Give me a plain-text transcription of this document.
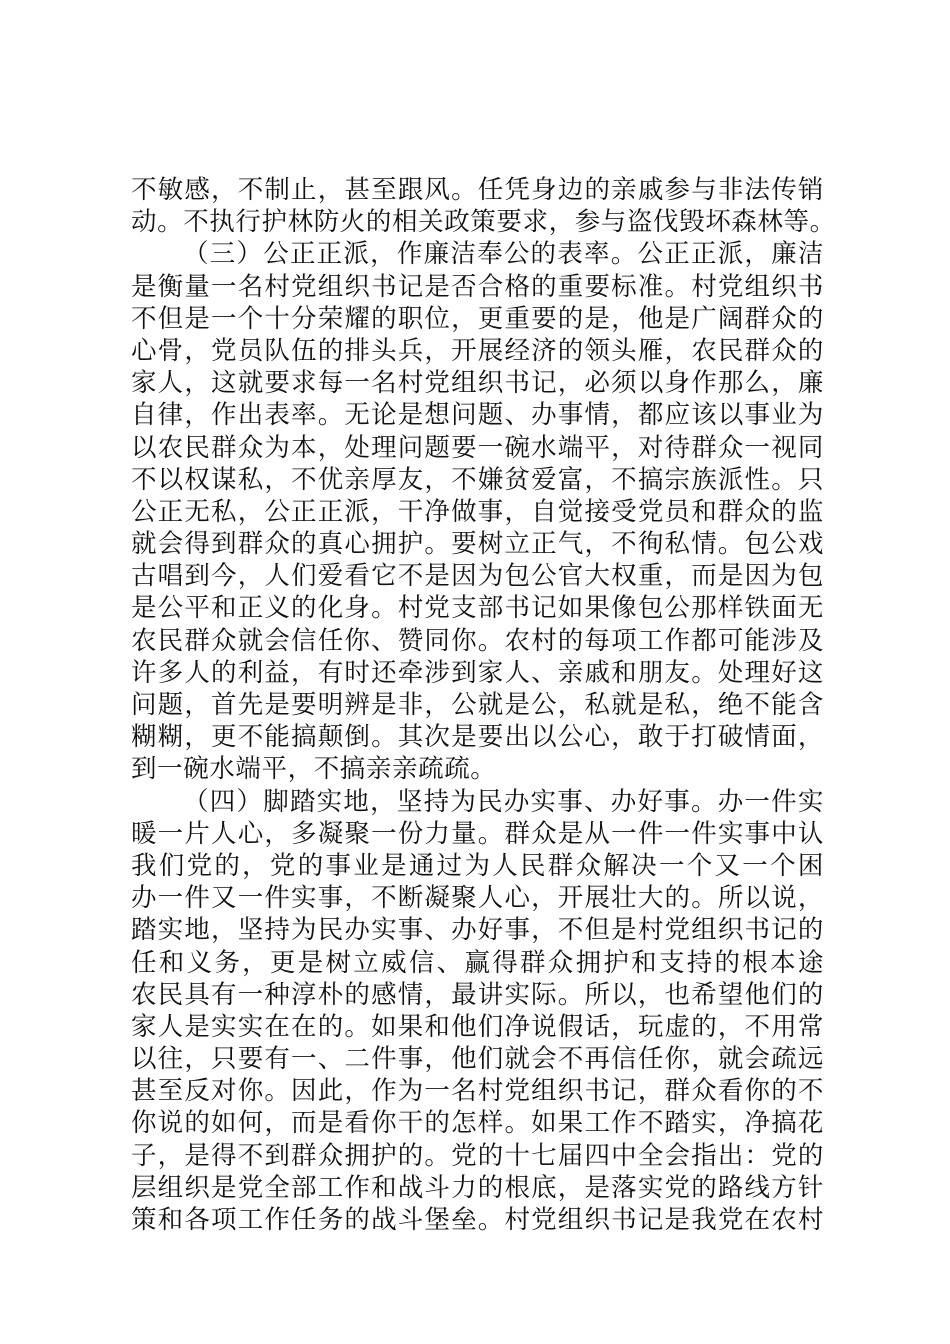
不敏感，不制止，甚至跟风。任凭身边的亲戚参与非法传销
动。不执行护林防火的相关政策要求，参与盗伐毁坏森林等。
（三）公正正派，作廉洁奉公的表率。公正正派，廉洁
是衡量一名村党组织书记是否合格的重要标准。村党组织书
不但是一个十分荣耀的职位，更重要的是，他是广阔群众的
心骨，党员队伍的排头兵，开展经济的领头雁，农民群众的
家人，这就要求每一名村党组织书记，必须以身作那么，廉
自律，作出表率。无论是想问题、办事情，都应该以事业为
以农民群众为本，处理问题要一碗水端平，对待群众一视同
不以权谋私，不优亲厚友，不嫌贫爱富，不搞宗族派性。只
公正无私，公正正派，干净做事，自觉接受党员和群众的监
就会得到群众的真心拥护。要树立正气，不徇私情。包公戏
古唱到今，人们爱看它不是因为包公官大权重，而是因为包
是公平和正义的化身。村党支部书记如果像包公那样铁面无
农民群众就会信任你、赞同你。农村的每项工作都可能涉及
许多人的利益，有时还牵涉到家人、亲戚和朋友。处理好这
问题，首先是要明辨是非，公就是公，私就是私，绝不能含
糊糊，更不能搞颠倒。其次是要出以公心，敢于打破情面，
到一碗水端平，不搞亲亲疏疏。
（四）脚踏实地，坚持为民办实事、办好事。办一件实
暖一片人心，多凝聚一份力量。群众是从一件一件实事中认
我们党的，党的事业是通过为人民群众解决一个又一个困
办一件又一件实事，不断凝聚人心，开展壮大的。所以说，
踏实地，坚持为民办实事、办好事，不但是村党组织书记的
任和义务，更是树立威信、赢得群众拥护和支持的根本途
农民具有一种淳朴的感情，最讲实际。所以，也希望他们的
家人是实实在在的。如果和他们净说假话，玩虚的，不用常
以往，只要有一、二件事，他们就会不再信任你，就会疏远
甚至反对你。因此，作为一名村党组织书记，群众看你的不
你说的如何，而是看你干的怎样。如果工作不踏实，净搞花
子，是得不到群众拥护的。党的十七届四中全会指出：党的
层组织是党全部工作和战斗力的根底，是落实党的路线方针
策和各项工作任务的战斗堡垒。村党组织书记是我党在农村
